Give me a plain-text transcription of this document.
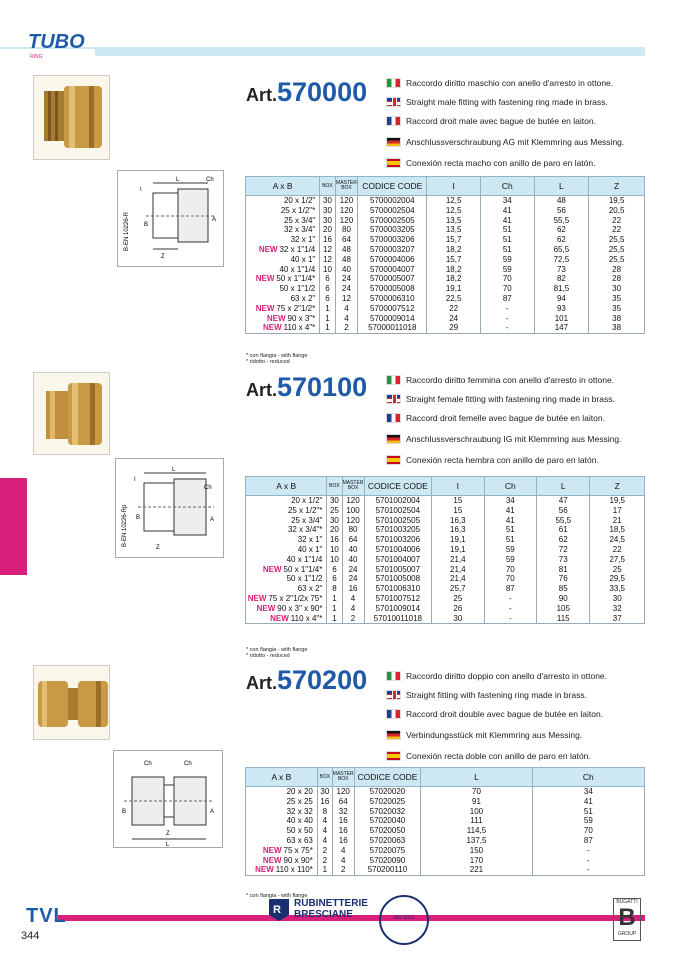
TUBO
RING
L	Ch
Z
I
A
B
B-EN 10226-R
Art.570000	Raccordo diritto maschio con anello d'arresto in ottone.
Straight male fitting with fastening ring made in brass.
Raccord droit male avec bague de butée en laiton.
Anschlussverschraubung AG mit Klemmring aus Messing.
Conexión recta macho con anillo de paro en latón.
A x B	BOX	MASTER BOX	CODICE CODE	I	Ch	L	Z
20 x 1/2"	30	120	5700002004	12,5	34	48	19,5
25 x 1/2"*	30	120	5700002504	12,5	41	56	20,5
25 x 3/4"	30	120	5700002505	13,5	41	55,5	22
32 x 3/4"	20	80	5700003205	13,5	51	62	22
32 x 1"	16	64	5700003206	15,7	51	62	25,5
NEW 32 x 1"1/4	12	48	5700003207	18,2	51	65,5	25,5
40 x 1"	12	48	5700004006	15,7	59	72,5	25,5
40 x 1"1/4	10	40	5700004007	18,2	59	73	28
NEW 50 x 1"1/4*	6	24	5700005007	18,2	70	82	28
50 x 1"1/2	6	24	5700005008	19,1	70	81,5	30
63 x 2"	6	12	5700006310	22,5	87	94	35
NEW 75 x 2"1/2*	1	4	5700007512	22	-	93	35
NEW 90 x 3"*	1	4	5700009014	24	-	101	38
NEW 110 x 4"*	1	2	57000011018	29	-	147	38
* con flangia - with flange
* ridotto - reduced
L
Ch
Z
I
A
B
B-EN 10226-Rp
Art.570100	Raccordo diritto femmina con anello d'arresto in ottone.
Straight female fitting with fastening ring made in brass.
Raccord droit femelle avec bague de butée en laiton.
Anschlussverschraubung IG mit Klemmring aus Messing.
Conexión recta hembra con anillo de paro en latón.
A x B	BOX	MASTER BOX	CODICE CODE	I	Ch	L	Z
20 x 1/2"	30	120	5701002004	15	34	47	19,5
25 x 1/2"*	25	100	5701002504	15	41	56	17
25 x 3/4"	30	120	5701002505	16,3	41	55,5	21
32 x 3/4"*	20	80	5701003205	16,3	51	61	18,5
32 x 1"	16	64	5701003206	19,1	51	62	24,5
40 x 1"	10	40	5701004006	19,1	59	72	22
40 x 1"1/4	10	40	5701004007	21,4	59	73	27,5
NEW 50 x 1"1/4*	6	24	5701005007	21,4	70	81	25
50 x 1"1/2	6	24	5701005008	21,4	70	76	29,5
63 x 2"	8	16	5701006310	25,7	87	85	33,5
NEW 75 x 2"1/2x 75*	1	4	5701007512	25	-	90	30
NEW 90 x 3" x 90*	1	4	5701009014	26	-	105	32
NEW 110 x 4"*	1	2	57010011018	30	-	115	37
* con flangia - with flange
* ridotto - reduced
Ch	Ch
Z
L
B	A
Art.570200	Raccordo diritto doppio con anello d'arresto in ottone.
Straight fitting with fastening ring made in brass.
Raccord droit double avec bague de butée en laiton.
Verbindungsstück mit Klemmring aus Messing.
Conexión recta doble con anillo de paro en latón.
A x B	BOX	MASTER BOX	CODICE CODE	L	Ch
20 x 20	30	120	57020020	70	34
25 x 25	16	64	57020025	91	41
32 x 32	8	32	57020032	100	51
40 x 40	4	16	57020040	111	59
50 x 50	4	16	57020050	114,5	70
63 x 63	4	16	57020063	137,5	87
NEW 75 x 75*	2	4	57020075	150	-
NEW 90 x 90*	2	4	57020090	170	-
NEW 110 x 110*	1	2	570200110	221	-
* con flangia - with flange
TVL
344
R
RUBINETTERIE
BRESCIANE	ISO 9001
BUGATTI
B
GROUP
